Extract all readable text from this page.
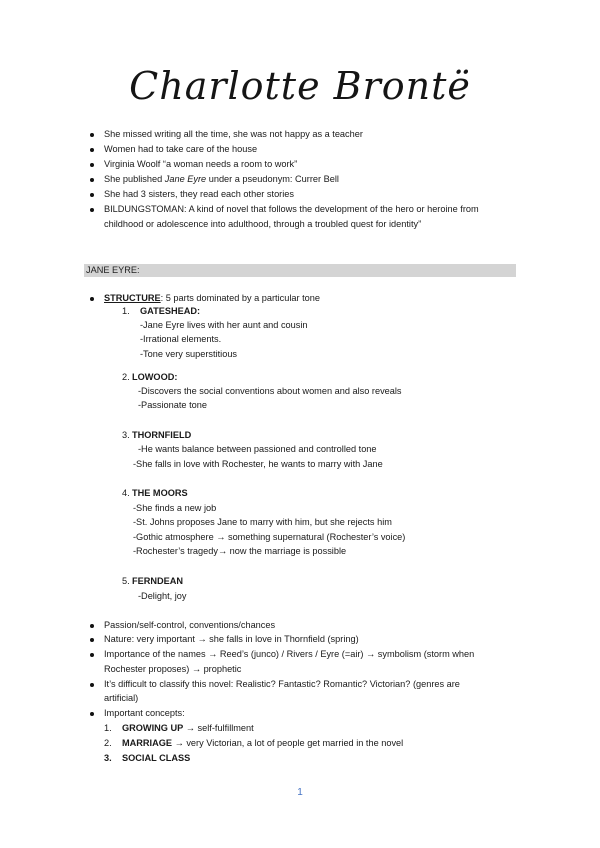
Charlotte Brontë
She missed writing all the time, she was not happy as a teacher
Women had to take care of the house
Virginia Woolf “a woman needs a room to work”
She published Jane Eyre under a pseudonym: Currer Bell
She had 3 sisters, they read each other stories
BILDUNGSTOMAN: A kind of novel that follows the development of the hero or heroine from
childhood or adolescence into adulthood, through a troubled quest for identity”
JANE EYRE:
STRUCTURE: 5 parts dominated by a particular tone
1. GATESHEAD:
-Jane Eyre lives with her aunt and cousin
-Irrational elements.
-Tone very superstitious
2. LOWOOD:
-Discovers the social conventions about women and also reveals
-Passionate tone
3. THORNFIELD
-He wants balance between passioned and controlled tone
-She falls in love with Rochester, he wants to marry with Jane
4. THE MOORS
-She finds a new job
-St. Johns proposes Jane to marry with him, but she rejects him
-Gothic atmosphere → something supernatural (Rochester’s voice)
-Rochester’s tragedy→ now the marriage is possible
5. FERNDEAN
-Delight, joy
Passion/self-control, conventions/chances
Nature: very important → she falls in love in Thornfield (spring)
Importance of the names → Reed’s (junco) / Rivers / Eyre (=air) → symbolism (storm when
Rochester proposes) → prophetic
It’s difficult to classify this novel: Realistic? Fantastic? Romantic? Victorian? (genres are
artificial)
Important concepts:
1. GROWING UP → self-fulfillment
2. MARRIAGE → very Victorian, a lot of people get married in the novel
3. SOCIAL CLASS
1
